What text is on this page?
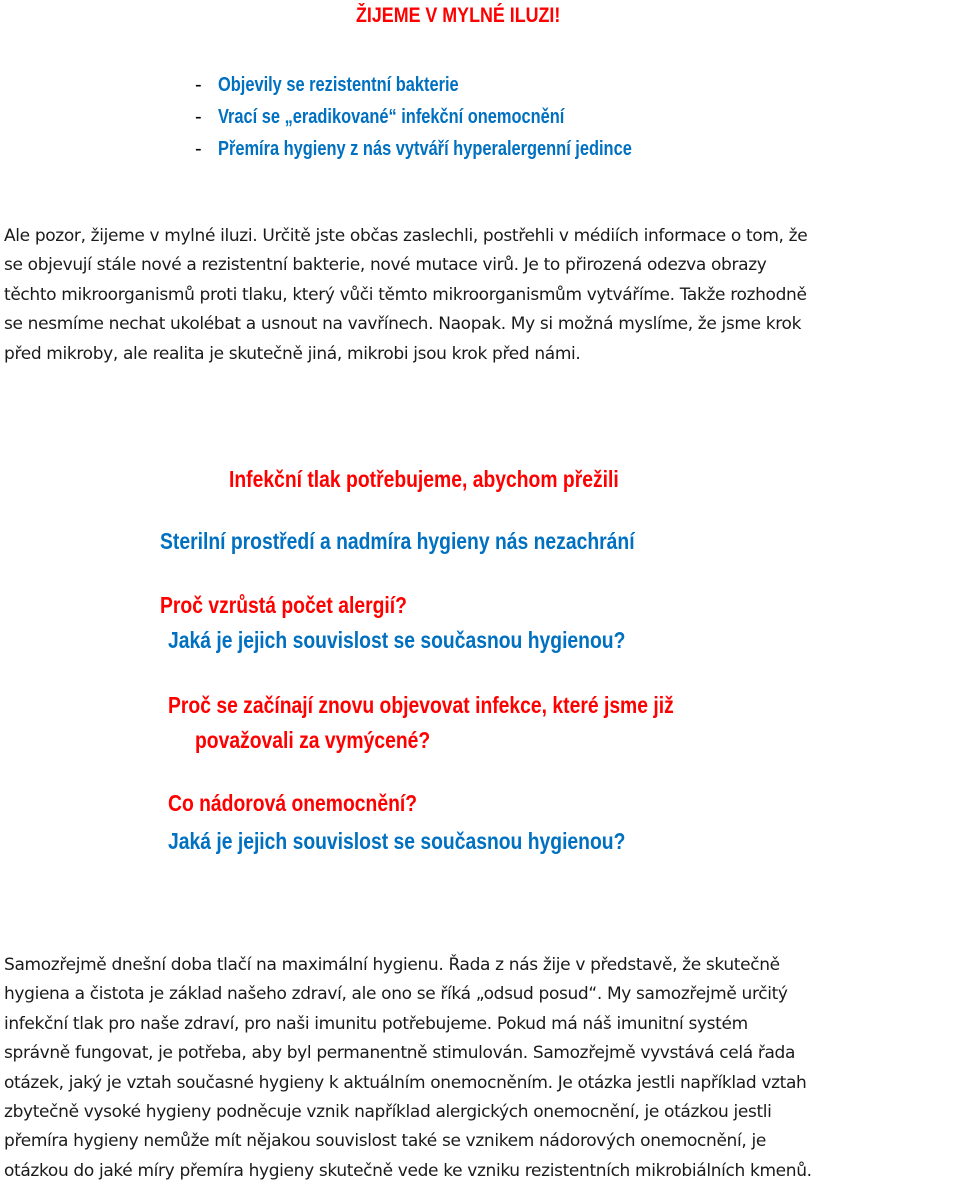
ŽIJEME V MYLNÉ ILUZI!
- Objevily se rezistentní bakterie
- Vrací se „eradikované“ infekční onemocnění
- Přemíra hygieny z nás vytváří hyperalergenní jedince

Ale pozor, žijeme v mylné iluzi. Určitě jste občas zaslechli, postřehli v médiích informace o tom, že
se objevují stále nové a rezistentní bakterie, nové mutace virů. Je to přirozená odezva obrazy
těchto mikroorganismů proti tlaku, který vůči těmto mikroorganismům vytváříme. Takže rozhodně
se nesmíme nechat ukolébat a usnout na vavřínech. Naopak. My si možná myslíme, že jsme krok
před mikroby, ale realita je skutečně jiná, mikrobi jsou krok před námi.

Infekční tlak potřebujeme, abychom přežili
Sterilní prostředí a nadmíra hygieny nás nezachrání
Proč vzrůstá počet alergií?
Jaká je jejich souvislost se současnou hygienou?
Proč se začínají znovu objevovat infekce, které jsme již
považovali za vymýcené?
Co nádorová onemocnění?
Jaká je jejich souvislost se současnou hygienou?

Samozřejmě dnešní doba tlačí na maximální hygienu. Řada z nás žije v představě, že skutečně
hygiena a čistota je základ našeho zdraví, ale ono se říká „odsud posud“. My samozřejmě určitý
infekční tlak pro naše zdraví, pro naši imunitu potřebujeme. Pokud má náš imunitní systém
správně fungovat, je potřeba, aby byl permanentně stimulován. Samozřejmě vyvstává celá řada
otázek, jaký je vztah současné hygieny k aktuálním onemocněním. Je otázka jestli například vztah
zbytečně vysoké hygieny podněcuje vznik například alergických onemocnění, je otázkou jestli
přemíra hygieny nemůže mít nějakou souvislost také se vznikem nádorových onemocnění, je
otázkou do jaké míry přemíra hygieny skutečně vede ke vzniku rezistentních mikrobiálních kmenů.
